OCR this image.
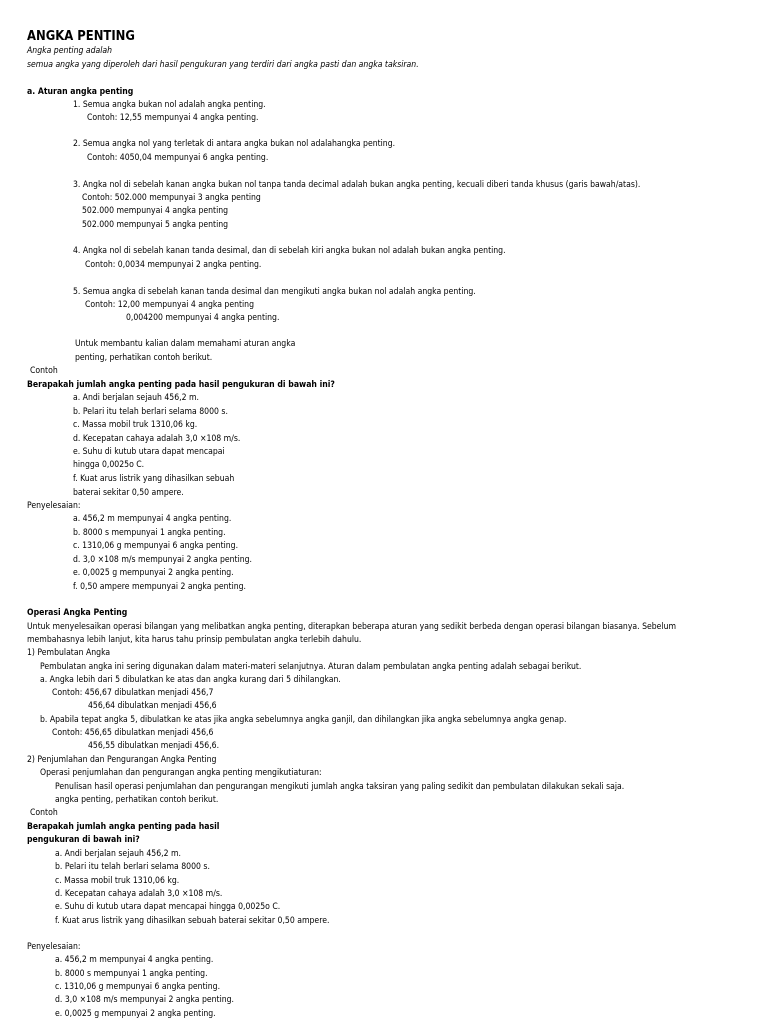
ANGKA PENTING
Angka penting adalah
semua angka yang diperoleh dari hasil pengukuran yang terdiri dari angka pasti dan angka taksiran.
a. Aturan angka penting
1. Semua angka bukan nol adalah angka penting.
Contoh: 12,55 mempunyai 4 angka penting.
2. Semua angka nol yang terletak di antara angka bukan nol adalahangka penting.
Contoh: 4050,04 mempunyai 6 angka penting.
3. Angka nol di sebelah kanan angka bukan nol tanpa tanda decimal adalah bukan angka penting, kecuali diberi tanda khusus (garis bawah/atas).
Contoh: 502.000 mempunyai 3 angka penting
502.000 mempunyai 4 angka penting
502.000 mempunyai 5 angka penting
4. Angka nol di sebelah kanan tanda desimal, dan di sebelah kiri angka bukan nol adalah bukan angka penting.
Contoh: 0,0034 mempunyai 2 angka penting.
5. Semua angka di sebelah kanan tanda desimal dan mengikuti angka bukan nol adalah angka penting.
Contoh: 12,00 mempunyai 4 angka penting
0,004200 mempunyai 4 angka penting.
Untuk membantu kalian dalam memahami aturan angka
penting, perhatikan contoh berikut.
Contoh
Berapakah jumlah angka penting pada hasil pengukuran di bawah ini?
a. Andi berjalan sejauh 456,2 m.
b. Pelari itu telah berlari selama 8000 s.
c. Massa mobil truk 1310,06 kg.
d. Kecepatan cahaya adalah 3,0 ×108 m/s.
e. Suhu di kutub utara dapat mencapai
hingga 0,0025o C.
f. Kuat arus listrik yang dihasilkan sebuah
baterai sekitar 0,50 ampere.
Penyelesaian:
a. 456,2 m mempunyai 4 angka penting.
b. 8000 s mempunyai 1 angka penting.
c. 1310,06 g mempunyai 6 angka penting.
d. 3,0 ×108 m/s mempunyai 2 angka penting.
e. 0,0025 g mempunyai 2 angka penting.
f. 0,50 ampere mempunyai 2 angka penting.
Operasi Angka Penting
Untuk menyelesaikan operasi bilangan yang melibatkan angka penting, diterapkan beberapa aturan yang sedikit berbeda dengan operasi bilangan biasanya. Sebelum
membahasnya lebih lanjut, kita harus tahu prinsip pembulatan angka terlebih dahulu.
1) Pembulatan Angka
Pembulatan angka ini sering digunakan dalam materi-materi selanjutnya. Aturan dalam pembulatan angka penting adalah sebagai berikut.
a. Angka lebih dari 5 dibulatkan ke atas dan angka kurang dari 5 dihilangkan.
Contoh: 456,67 dibulatkan menjadi 456,7
456,64 dibulatkan menjadi 456,6
b. Apabila tepat angka 5, dibulatkan ke atas jika angka sebelumnya angka ganjil, dan dihilangkan jika angka sebelumnya angka genap.
Contoh: 456,65 dibulatkan menjadi 456,6
456,55 dibulatkan menjadi 456,6.
2) Penjumlahan dan Pengurangan Angka Penting
Operasi penjumlahan dan pengurangan angka penting mengikutiaturan:
Penulisan hasil operasi penjumlahan dan pengurangan mengikuti jumlah angka taksiran yang paling sedikit dan pembulatan dilakukan sekali saja.
angka penting, perhatikan contoh berikut.
Contoh
Berapakah jumlah angka penting pada hasil
pengukuran di bawah ini?
a. Andi berjalan sejauh 456,2 m.
b. Pelari itu telah berlari selama 8000 s.
c. Massa mobil truk 1310,06 kg.
d. Kecepatan cahaya adalah 3,0 ×108 m/s.
e. Suhu di kutub utara dapat mencapai hingga 0,0025o C.
f. Kuat arus listrik yang dihasilkan sebuah baterai sekitar 0,50 ampere.
Penyelesaian:
a. 456,2 m mempunyai 4 angka penting.
b. 8000 s mempunyai 1 angka penting.
c. 1310,06 g mempunyai 6 angka penting.
d. 3,0 ×108 m/s mempunyai 2 angka penting.
e. 0,0025 g mempunyai 2 angka penting.
